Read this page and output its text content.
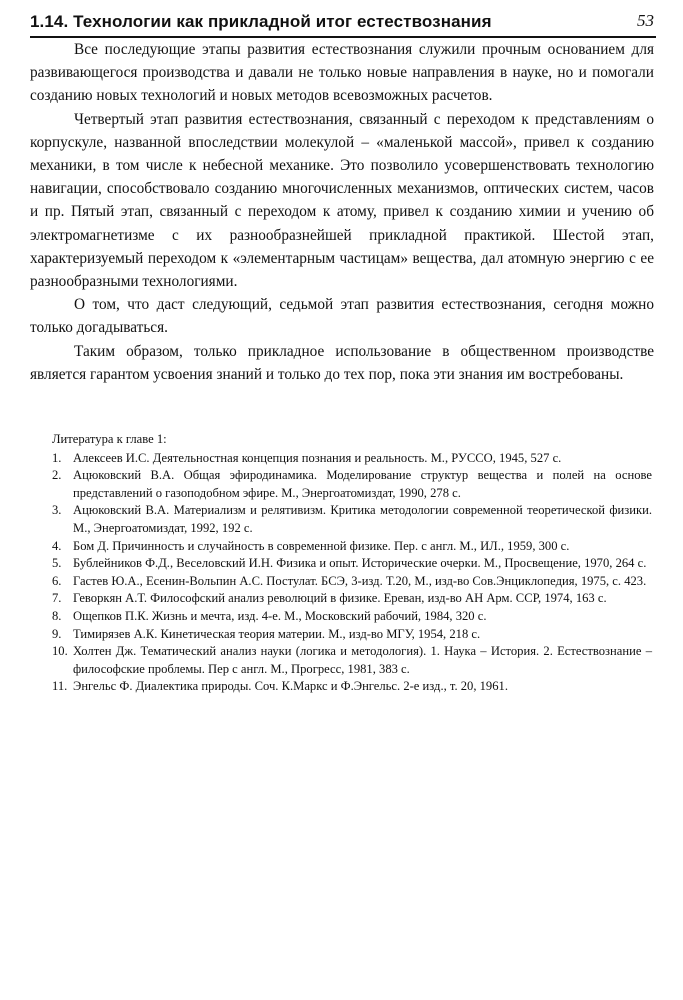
1.14. Технологии как прикладной итог естествознания	53

Все последующие этапы развития естествознания служили прочным основанием для развивающегося производства и давали не только новые направления в науке, но и помогали созданию новых технологий и новых методов всевозможных расчетов.

Четвертый этап развития естествознания, связанный с переходом к представлениям о корпускуле, названной впоследствии молекулой – «маленькой массой», привел к созданию механики, в том числе к небесной механике. Это позволило усовершенствовать технологию навигации, способствовало созданию многочисленных механизмов, оптических систем, часов и пр. Пятый этап, связанный с переходом к атому, привел к созданию химии и учению об электромагнетизме с их разнообразнейшей прикладной практикой. Шестой этап, характеризуемый переходом к «элементарным частицам» вещества, дал атомную энергию с ее разнообразными технологиями.

О том, что даст следующий, седьмой этап развития естествознания, сегодня можно только догадываться.

Таким образом, только прикладное использование в общественном производстве является гарантом усвоения знаний и только до тех пор, пока эти знания им востребованы.

Литература к главе 1:
1. Алексеев И.С. Деятельностная концепция познания и реальность. М., РУССО, 1945, 527 с.
2. Ацюковский В.А. Общая эфиродинамика. Моделирование структур вещества и полей на основе представлений о газоподобном эфире. М., Энергоатомиздат, 1990, 278 с.
3. Ацюковский В.А. Материализм и релятивизм. Критика методологии современной теоретической физики. М., Энергоатомиздат, 1992, 192 с.
4. Бом Д. Причинность и случайность в современной физике. Пер. с англ. М., ИЛ., 1959, 300 с.
5. Бублейников Ф.Д., Веселовский И.Н. Физика и опыт. Исторические очерки. М., Просвещение, 1970, 264 с.
6. Гастев Ю.А., Есенин-Вольпин А.С. Постулат. БСЭ, 3-изд. Т.20, М., изд-во Сов.Энциклопедия, 1975, с. 423.
7. Геворкян А.Т. Философский анализ революций в физике. Ереван, изд-во АН Арм. ССР, 1974, 163 с.
8. Ощепков П.К. Жизнь и мечта, изд. 4-е. М., Московский рабочий, 1984, 320 с.
9. Тимирязев А.К. Кинетическая теория материи. М., изд-во МГУ, 1954, 218 с.
10. Холтен Дж. Тематический анализ науки (логика и методология). 1. Наука – История. 2. Естествознание – философские проблемы. Пер с англ. М., Прогресс, 1981, 383 с.
11. Энгельс Ф. Диалектика природы. Соч. К.Маркс и Ф.Энгельс. 2-е изд., т. 20, 1961.
